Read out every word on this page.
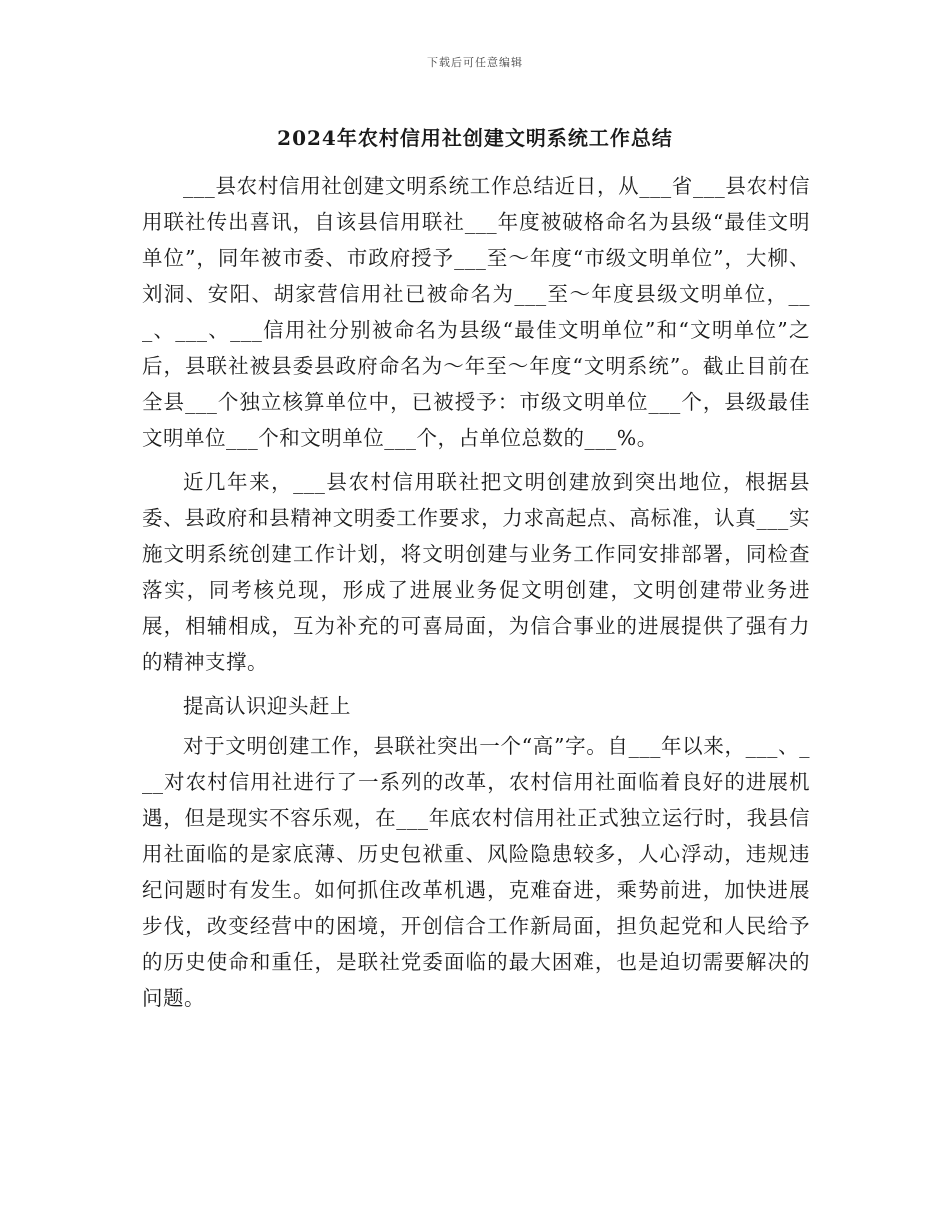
下载后可任意编辑
2024年农村信用社创建文明系统工作总结

___县农村信用社创建文明系统工作总结近日，从___省___县农村信用联社传出喜讯，自该县信用联社___年度被破格命名为县级“最佳文明单位”，同年被市委、市政府授予___至～年度“市级文明单位”，大柳、刘洞、安阳、胡家营信用社已被命名为___至～年度县级文明单位，___、___、___信用社分别被命名为县级“最佳文明单位”和“文明单位”之后，县联社被县委县政府命名为～年至～年度“文明系统”。截止目前在全县___个独立核算单位中，已被授予：市级文明单位___个，县级最佳文明单位___个和文明单位___个，占单位总数的___%。

近几年来，___县农村信用联社把文明创建放到突出地位，根据县委、县政府和县精神文明委工作要求，力求高起点、高标准，认真___实施文明系统创建工作计划，将文明创建与业务工作同安排部署，同检查落实，同考核兑现，形成了进展业务促文明创建，文明创建带业务进展，相辅相成，互为补充的可喜局面，为信合事业的进展提供了强有力的精神支撑。

提高认识迎头赶上

对于文明创建工作，县联社突出一个“高”字。自___年以来，___、___对农村信用社进行了一系列的改革，农村信用社面临着良好的进展机遇，但是现实不容乐观，在___年底农村信用社正式独立运行时，我县信用社面临的是家底薄、历史包袱重、风险隐患较多，人心浮动，违规违纪问题时有发生。如何抓住改革机遇，克难奋进，乘势前进，加快进展步伐，改变经营中的困境，开创信合工作新局面，担负起党和人民给予的历史使命和重任，是联社党委面临的最大困难，也是迫切需要解决的问题。
